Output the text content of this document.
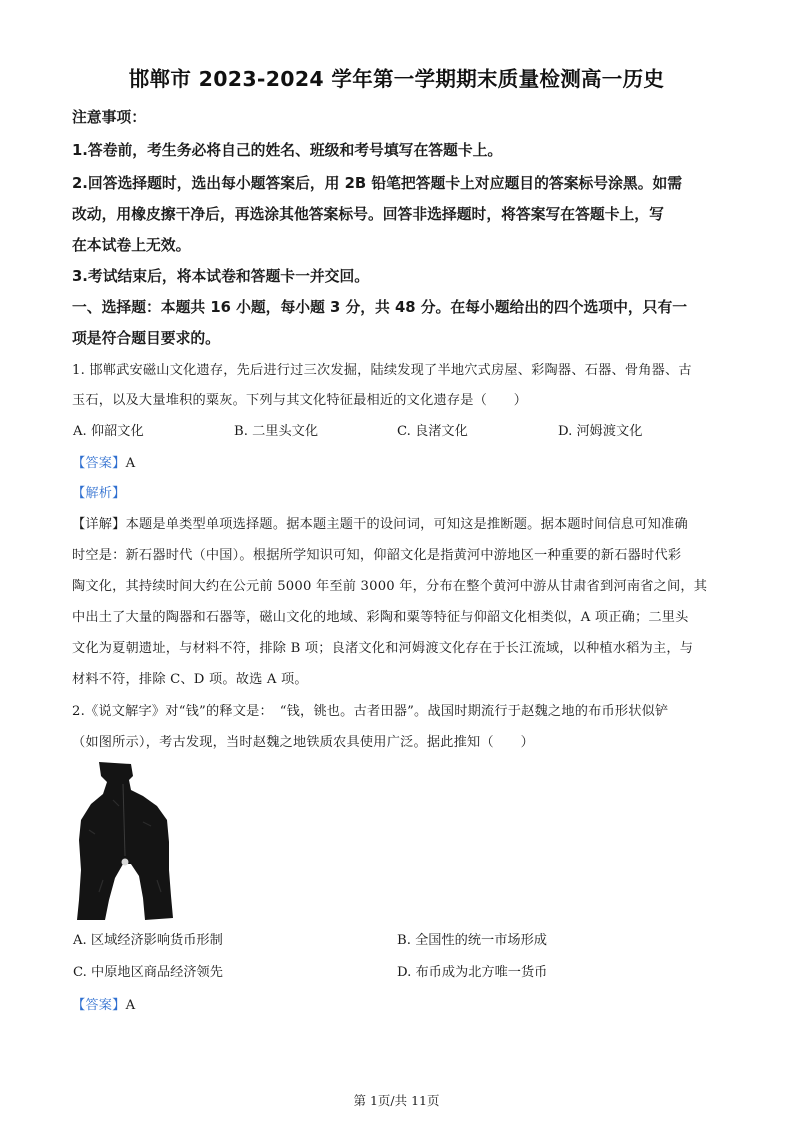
邯郸市 2023-2024 学年第一学期期末质量检测高一历史
注意事项：
1.答卷前，考生务必将自己的姓名、班级和考号填写在答题卡上。
2.回答选择题时，选出每小题答案后，用 2B 铅笔把答题卡上对应题目的答案标号涂黑。如需
改动，用橡皮擦干净后，再选涂其他答案标号。回答非选择题时，将答案写在答题卡上，写
在本试卷上无效。
3.考试结束后，将本试卷和答题卡一并交回。
一、选择题：本题共 16 小题，每小题 3 分，共 48 分。在每小题给出的四个选项中，只有一
项是符合题目要求的。
1. 邯郸武安磁山文化遗存，先后进行过三次发掘，陆续发现了半地穴式房屋、彩陶器、石器、骨角器、古
玉石，以及大量堆积的粟灰。下列与其文化特征最相近的文化遗存是（　　）
A. 仰韶文化	B. 二里头文化	C. 良渚文化	D. 河姆渡文化
【答案】A
【解析】
【详解】本题是单类型单项选择题。据本题主题干的设问词，可知这是推断题。据本题时间信息可知准确
时空是：新石器时代（中国）。根据所学知识可知，仰韶文化是指黄河中游地区一种重要的新石器时代彩
陶文化，其持续时间大约在公元前 5000 年至前 3000 年，分布在整个黄河中游从甘肃省到河南省之间，其
中出土了大量的陶器和石器等，磁山文化的地域、彩陶和粟等特征与仰韶文化相类似，A 项正确；二里头
文化为夏朝遗址，与材料不符，排除 B 项；良渚文化和河姆渡文化存在于长江流域，以种植水稻为主，与
材料不符，排除 C、D 项。故选 A 项。
2.《说文解字》对“钱”的释文是：　“钱，铫也。古者田器”。战国时期流行于赵魏之地的布币形状似铲
（如图所示），考古发现，当时赵魏之地铁质农具使用广泛。据此推知（　　）
A. 区域经济影响货币形制	B. 全国性的统一市场形成
C. 中原地区商品经济领先	D. 布币成为北方唯一货币
【答案】A
第 1页/共 11页
